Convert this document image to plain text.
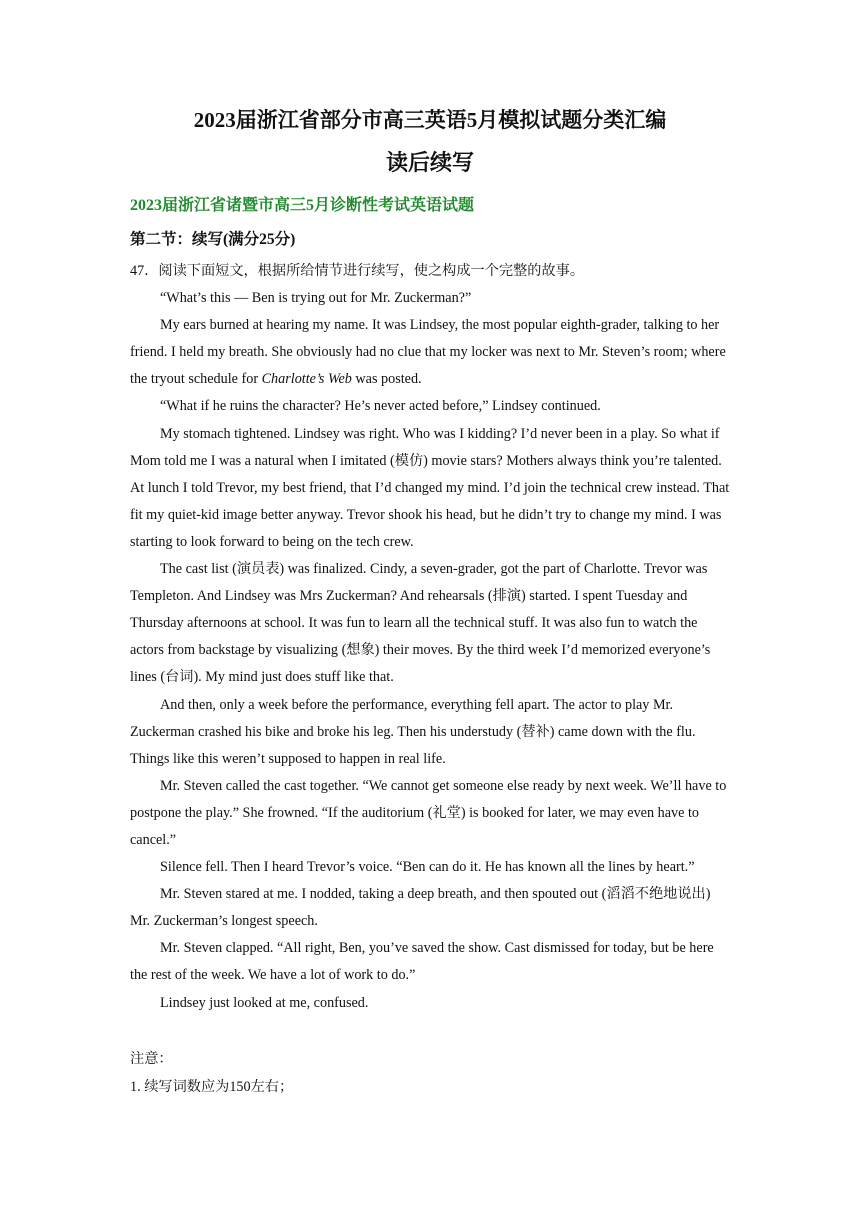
2023届浙江省部分市高三英语5月模拟试题分类汇编
读后续写
2023届浙江省诸暨市高三5月诊断性考试英语试题
第二节：续写(满分25分)

47．阅读下面短文，根据所给情节进行续写，使之构成一个完整的故事。

“What’s this — Ben is trying out for Mr. Zuckerman?”

My ears burned at hearing my name. It was Lindsey, the most popular eighth-grader, talking to her friend. I held my breath. She obviously had no clue that my locker was next to Mr. Steven’s room; where the tryout schedule for Charlotte’s Web was posted.

“What if he ruins the character? He’s never acted before,” Lindsey continued.

My stomach tightened. Lindsey was right. Who was I kidding? I’d never been in a play. So what if Mom told me I was a natural when I imitated (模仿) movie stars? Mothers always think you’re talented. At lunch I told Trevor, my best friend, that I’d changed my mind. I’d join the technical crew instead. That fit my quiet-kid image better anyway. Trevor shook his head, but he didn’t try to change my mind. I was starting to look forward to being on the tech crew.

The cast list (演员表) was finalized. Cindy, a seven-grader, got the part of Charlotte. Trevor was Templeton. And Lindsey was Mrs Zuckerman? And rehearsals (排演) started. I spent Tuesday and Thursday afternoons at school. It was fun to learn all the technical stuff. It was also fun to watch the actors from backstage by visualizing (想象) their moves. By the third week I’d memorized everyone’s lines (台词). My mind just does stuff like that.

And then, only a week before the performance, everything fell apart. The actor to play Mr. Zuckerman crashed his bike and broke his leg. Then his understudy (替补) came down with the flu. Things like this weren’t supposed to happen in real life.

Mr. Steven called the cast together. “We cannot get someone else ready by next week. We’ll have to postpone the play.” She frowned. “If the auditorium (礼堂) is booked for later, we may even have to cancel.”

Silence fell. Then I heard Trevor’s voice. “Ben can do it. He has known all the lines by heart.”

Mr. Steven stared at me. I nodded, taking a deep breath, and then spouted out (滔滔不绝地说出) Mr. Zuckerman’s longest speech.

Mr. Steven clapped. “All right, Ben, you’ve saved the show. Cast dismissed for today, but be here the rest of the week. We have a lot of work to do.”

Lindsey just looked at me, confused.

注意：

1. 续写词数应为150左右；
